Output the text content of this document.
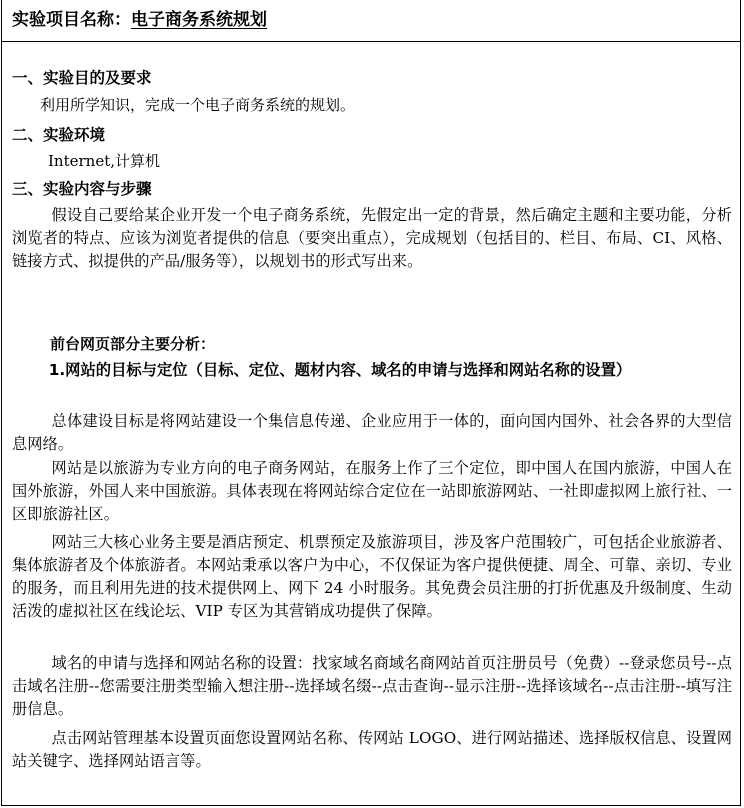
实验项目名称：电子商务系统规划
一、实验目的及要求
利用所学知识，完成一个电子商务系统的规划。
二、实验环境
Internet,计算机
三、实验内容与步骤
假设自己要给某企业开发一个电子商务系统，先假定出一定的背景，然后确定主题和主要功能，分析浏览者的特点、应该为浏览者提供的信息（要突出重点），完成规划（包括目的、栏目、布局、CI、风格、链接方式、拟提供的产品/服务等），以规划书的形式写出来。
前台网页部分主要分析：
1.网站的目标与定位（目标、定位、题材内容、域名的申请与选择和网站名称的设置）
总体建设目标是将网站建设一个集信息传递、企业应用于一体的，面向国内国外、社会各界的大型信息网络。
网站是以旅游为专业方向的电子商务网站，在服务上作了三个定位，即中国人在国内旅游，中国人在国外旅游，外国人来中国旅游。具体表现在将网站综合定位在一站即旅游网站、一社即虚拟网上旅行社、一区即旅游社区。
网站三大核心业务主要是酒店预定、机票预定及旅游项目，涉及客户范围较广，可包括企业旅游者、集体旅游者及个体旅游者。本网站秉承以客户为中心，不仅保证为客户提供便捷、周全、可靠、亲切、专业的服务，而且利用先进的技术提供网上、网下 24 小时服务。其免费会员注册的打折优惠及升级制度、生动活泼的虚拟社区在线论坛、VIP 专区为其营销成功提供了保障。
域名的申请与选择和网站名称的设置：找家域名商域名商网站首页注册员号（免费）--登录您员号--点击域名注册--您需要注册类型输入想注册--选择域名缀--点击查询--显示注册--选择该域名--点击注册--填写注册信息。
点击网站管理基本设置页面您设置网站名称、传网站 LOGO、进行网站描述、选择版权信息、设置网站关键字、选择网站语言等。
